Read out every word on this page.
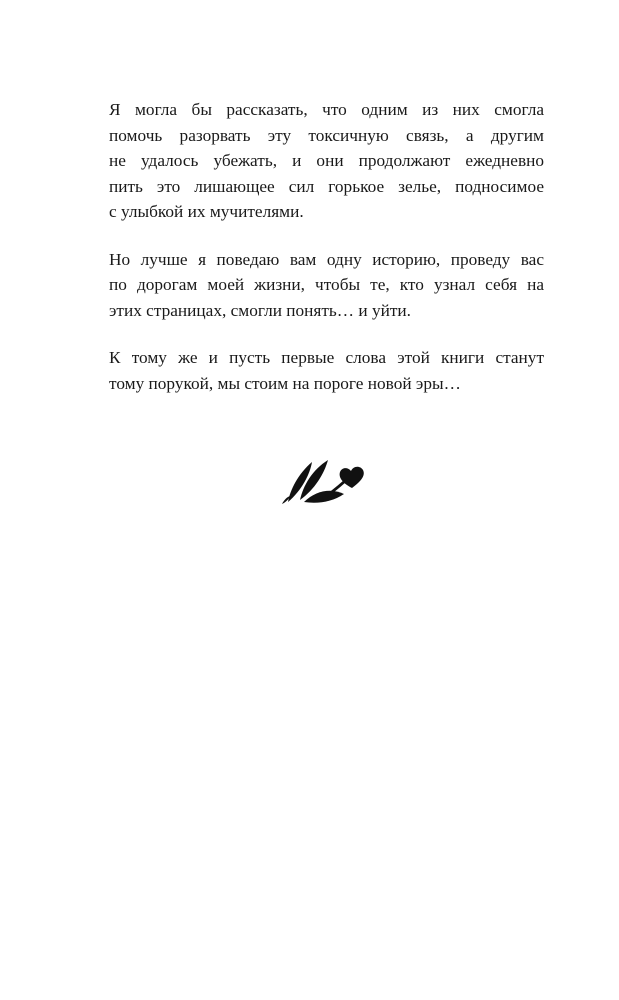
Я могла бы рассказать, что одним из них смогла
помочь разорвать эту токсичную связь, а другим
не удалось убежать, и они продолжают ежедневно
пить это лишающее сил горькое зелье, подносимое
с улыбкой их мучителями.

Но лучше я поведаю вам одну историю, проведу вас
по дорогам моей жизни, чтобы те, кто узнал себя на
этих страницах, смогли понять… и уйти.

К тому же и пусть первые слова этой книги станут
тому порукой, мы стоим на пороге новой эры…
